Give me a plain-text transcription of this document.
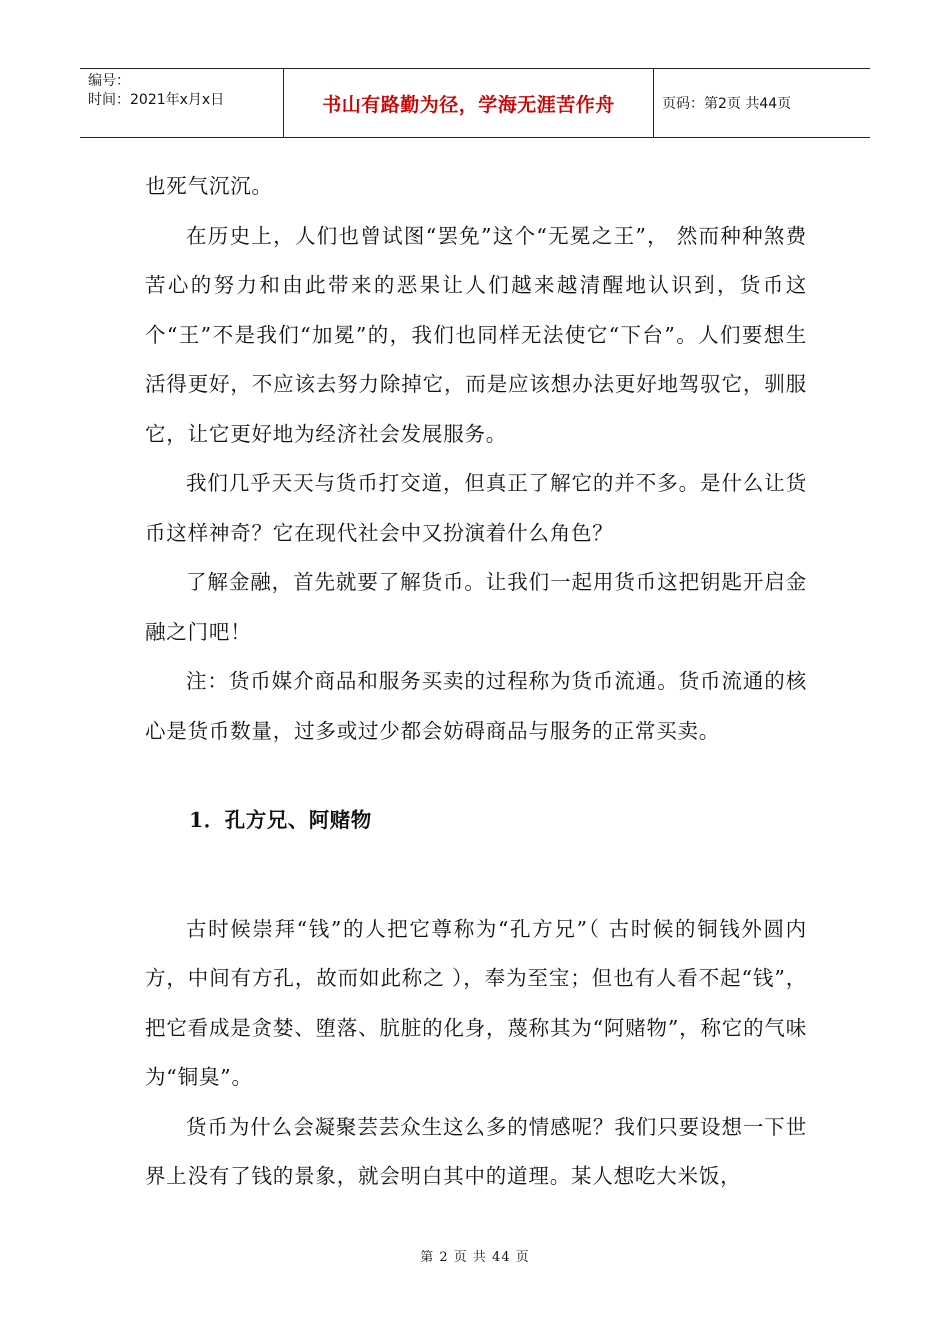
编号：
时间：2021年x月x日	书山有路勤为径，学海无涯苦作舟	页码：第2页 共44页

也死气沉沉。

在历史上，人们也曾试图“罢免”这个“无冕之王”， 然而种种煞费苦心的努力和由此带来的恶果让人们越来越清醒地认识到，货币这个“王”不是我们“加冕”的，我们也同样无法使它“下台”。人们要想生活得更好，不应该去努力除掉它，而是应该想办法更好地驾驭它，驯服它，让它更好地为经济社会发展服务。

我们几乎天天与货币打交道，但真正了解它的并不多。是什么让货币这样神奇？它在现代社会中又扮演着什么角色？

了解金融，首先就要了解货币。让我们一起用货币这把钥匙开启金融之门吧！

注：货币媒介商品和服务买卖的过程称为货币流通。货币流通的核心是货币数量，过多或过少都会妨碍商品与服务的正常买卖。

1．孔方兄、阿赌物

古时候崇拜“钱”的人把它尊称为“孔方兄”（ 古时候的铜钱外圆内方，中间有方孔，故而如此称之 ），奉为至宝；但也有人看不起“钱”，把它看成是贪婪、堕落、肮脏的化身，蔑称其为“阿赌物”，称它的气味为“铜臭”。

货币为什么会凝聚芸芸众生这么多的情感呢？我们只要设想一下世界上没有了钱的景象，就会明白其中的道理。某人想吃大米饭，

第 2 页 共 44 页
